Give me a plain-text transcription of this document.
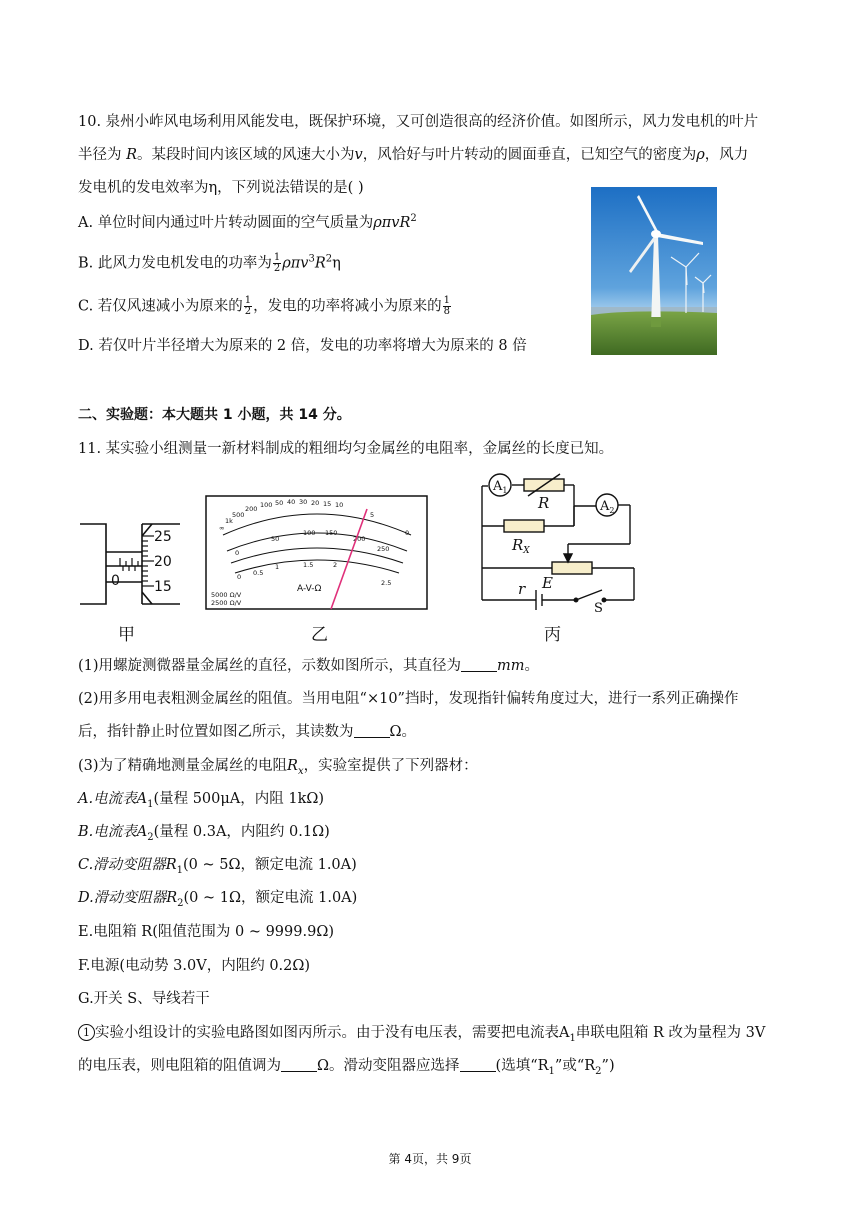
10. 泉州小岞风电场利用风能发电，既保护环境，又可创造很高的经济价值。如图所示，风力发电机的叶片
半径为 R。某段时间内该区域的风速大小为v，风恰好与叶片转动的圆面垂直，已知空气的密度为ρ，风力
发电机的发电效率为η，下列说法错误的是( )
A. 单位时间内通过叶片转动圆面的空气质量为ρπvR$^2$
B. 此风力发电机发电的功率为 $\frac{1}{2} \rho\pi v^3R^2\eta$
C. 若仅风速减小为原来的 $\frac{1}{2}$ ，发电的功率将减小为原来的 $\frac{1}{8}$
D. 若仅叶片半径增大为原来的 2 倍，发电的功率将增大为原来的 8 倍
二、实验题：本大题共 1 小题，共 14 分。
11. 某实验小组测量一新材料制成的粗细均匀金属丝的电阻率，金属丝的长度已知。
25
20
15
0
∞
1k
500
200 100 50 40 30 20 15 10
5
0
0
50
100 150
200
250
0 0.5
1	1.5	2
2.5
A-V-Ω
5000 Ω/V
2500 Ω/V
$A_1$
$A_2$
R
$R_X$
r E
S
甲	乙	丙
(1)用螺旋测微器量金属丝的直径，示数如图所示，其直径为 mm。
(2)用多用电表粗测金属丝的阻值。当用电阻“×10”挡时，发现指针偏转角度过大，进行一系列正确操作
后，指针静止时位置如图乙所示，其读数为 Ω。
(3)为了精确地测量金属丝的电阻$R_x$，实验室提供了下列器材：
A.电流表$A_1$(量程 500μA，内阻 1kΩ)
B.电流表$A_2$(量程 0.3A，内阻约 0.1Ω)
C.滑动变阻器$R_1(0$ ~ 5Ω，额定电流 1.0A)
D.滑动变阻器$R_2(0$ ~ 1Ω，额定电流 1.0A)
E.电阻箱 R(阻值范围为 0 ~ 9999.9Ω)
F.电源(电动势 3.0V，内阻约 0.2Ω)
G.开关 S、导线若干
1 实验小组设计的实验电路图如图丙所示。由于没有电压表，需要把电流表$A_1$串联电阻箱 R 改为量程为 3V
的电压表，则电阻箱的阻值调为 Ω。滑动变阻器应选择 (选填“$R_1$”或“$R_2$”)
第 4页，共 9页
